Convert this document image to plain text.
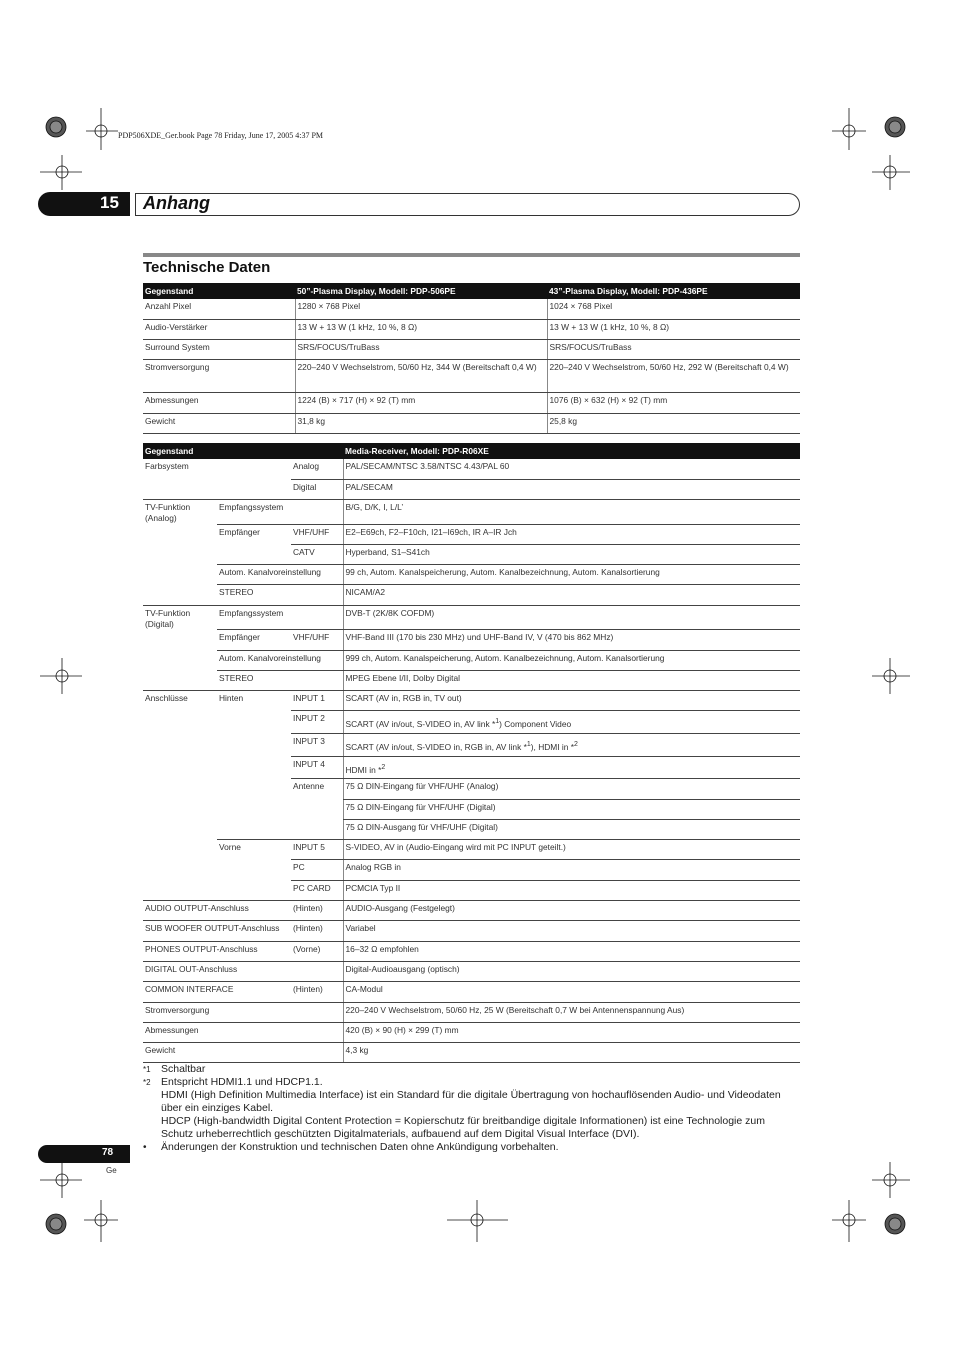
PDP506XDE_Ger.book Page 78 Friday, June 17, 2005 4:37 PM
15	Anhang
Technische Daten
Gegenstand	50”-Plasma Display, Modell: PDP-506PE	43”-Plasma Display, Modell: PDP-436PE
Anzahl Pixel	1280 × 768 Pixel	1024 × 768 Pixel
Audio-Verstärker	13 W + 13 W (1 kHz, 10 %, 8 Ω)	13 W + 13 W (1 kHz, 10 %, 8 Ω)
Surround System	SRS/FOCUS/TruBass	SRS/FOCUS/TruBass
Stromversorgung	220–240 V Wechselstrom, 50/60 Hz, 344 W (Bereitschaft 0,4 W)	220–240 V Wechselstrom, 50/60 Hz, 292 W (Bereitschaft 0,4 W)
Abmessungen	1224 (B) × 717 (H) × 92 (T) mm	1076 (B) × 632 (H) × 92 (T) mm
Gewicht	31,8 kg	25,8 kg
Gegenstand			Media-Receiver, Modell: PDP-R06XE
Farbsystem		Analog	PAL/SECAM/NTSC 3.58/NTSC 4.43/PAL 60
		Digital	PAL/SECAM
TV-Funktion (Analog)	Empfangssystem		B/G, D/K, I, L/L’
	Empfänger	VHF/UHF	E2–E69ch, F2–F10ch, I21–I69ch, IR A–IR Jch
		CATV	Hyperband, S1–S41ch
	Autom. Kanalvoreinstellung		99 ch, Autom. Kanalspeicherung, Autom. Kanalbezeichnung, Autom. Kanalsortierung
	STEREO		NICAM/A2
TV-Funktion (Digital)	Empfangssystem		DVB-T (2K/8K COFDM)
	Empfänger	VHF/UHF	VHF-Band III (170 bis 230 MHz) und UHF-Band IV, V (470 bis 862 MHz)
	Autom. Kanalvoreinstellung		999 ch, Autom. Kanalspeicherung, Autom. Kanalbezeichnung, Autom. Kanalsortierung
	STEREO		MPEG Ebene I/II, Dolby Digital
Anschlüsse	Hinten	INPUT 1	SCART (AV in, RGB in, TV out)
		INPUT 2	SCART (AV in/out, S-VIDEO in, AV link *$^1$) Component Video
		INPUT 3	SCART (AV in/out, S-VIDEO in, RGB in, AV link *$^1$), HDMI in *$^2$
		INPUT 4	HDMI in *$^2$
		Antenne	75 Ω DIN-Eingang für VHF/UHF (Analog)
			75 Ω DIN-Eingang für VHF/UHF (Digital)
			75 Ω DIN-Ausgang für VHF/UHF (Digital)
	Vorne	INPUT 5	S-VIDEO, AV in (Audio-Eingang wird mit PC INPUT geteilt.)
		PC	Analog RGB in
		PC CARD	PCMCIA Typ II
AUDIO OUTPUT-Anschluss		(Hinten)	AUDIO-Ausgang (Festgelegt)
SUB WOOFER OUTPUT-Anschluss		(Hinten)	Variabel
PHONES OUTPUT-Anschluss		(Vorne)	16–32 Ω empfohlen
DIGITAL OUT-Anschluss			Digital-Audioausgang (optisch)
COMMON INTERFACE		(Hinten)	CA-Modul
Stromversorgung			220–240 V Wechselstrom, 50/60 Hz, 25 W (Bereitschaft 0,7 W bei Antennenspannung Aus)
Abmessungen			420 (B) × 90 (H) × 299 (T) mm
Gewicht			4,3 kg
*1 Schaltbar
*2 Entspricht HDMI1.1 und HDCP1.1.
HDMI (High Definition Multimedia Interface) ist ein Standard für die digitale Übertragung von hochauflösenden Audio- und Videodaten über ein einziges Kabel.
HDCP (High-bandwidth Digital Content Protection = Kopierschutz für breitbandige digitale Informationen) ist eine Technologie zum Schutz urheberrechtlich geschützten Digitalmaterials, aufbauend auf dem Digital Visual Interface (DVI).
• Änderungen der Konstruktion und technischen Daten ohne Ankündigung vorbehalten.
78
Ge
